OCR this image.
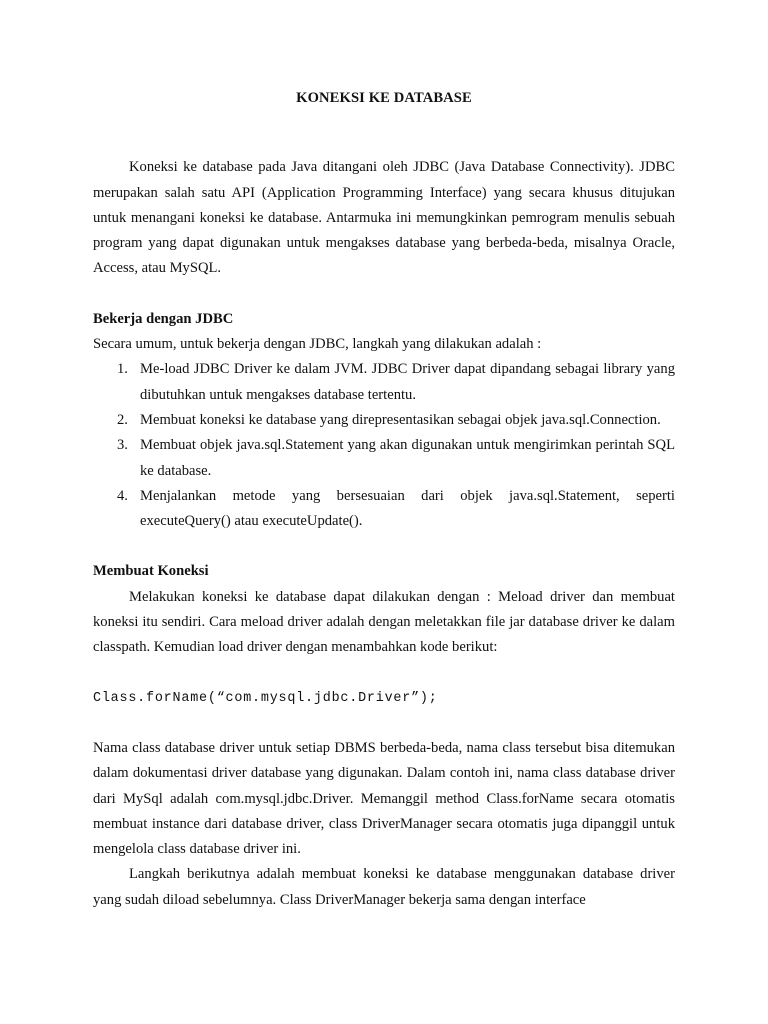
KONEKSI KE DATABASE

Koneksi ke database pada Java ditangani oleh JDBC (Java Database Connectivity). JDBC merupakan salah satu API (Application Programming Interface) yang secara khusus ditujukan untuk menangani koneksi ke database. Antarmuka ini memungkinkan pemrogram menulis sebuah program yang dapat digunakan untuk mengakses database yang berbeda-beda, misalnya Oracle, Access, atau MySQL.

Bekerja dengan JDBC

Secara umum, untuk bekerja dengan JDBC, langkah yang dilakukan adalah :

1. Me-load JDBC Driver ke dalam JVM. JDBC Driver dapat dipandang sebagai library yang dibutuhkan untuk mengakses database tertentu.
2. Membuat koneksi ke database yang direpresentasikan sebagai objek java.sql.Connection.
3. Membuat objek java.sql.Statement yang akan digunakan untuk mengirimkan perintah SQL ke database.
4. Menjalankan metode yang bersesuaian dari objek java.sql.Statement, seperti executeQuery() atau executeUpdate().
Membuat Koneksi

Melakukan koneksi ke database dapat dilakukan dengan : Meload driver dan membuat koneksi itu sendiri. Cara meload driver adalah dengan meletakkan file jar database driver ke dalam classpath. Kemudian load driver dengan menambahkan kode berikut:

Class.forName(“com.mysql.jdbc.Driver”);

Nama class database driver untuk setiap DBMS berbeda-beda, nama class tersebut bisa ditemukan dalam dokumentasi driver database yang digunakan. Dalam contoh ini, nama class database driver dari MySql adalah com.mysql.jdbc.Driver. Memanggil method Class.forName secara otomatis membuat instance dari database driver, class DriverManager secara otomatis juga dipanggil untuk mengelola class database driver ini.

Langkah berikutnya adalah membuat koneksi ke database menggunakan database driver yang sudah diload sebelumnya. Class DriverManager bekerja sama dengan interface
